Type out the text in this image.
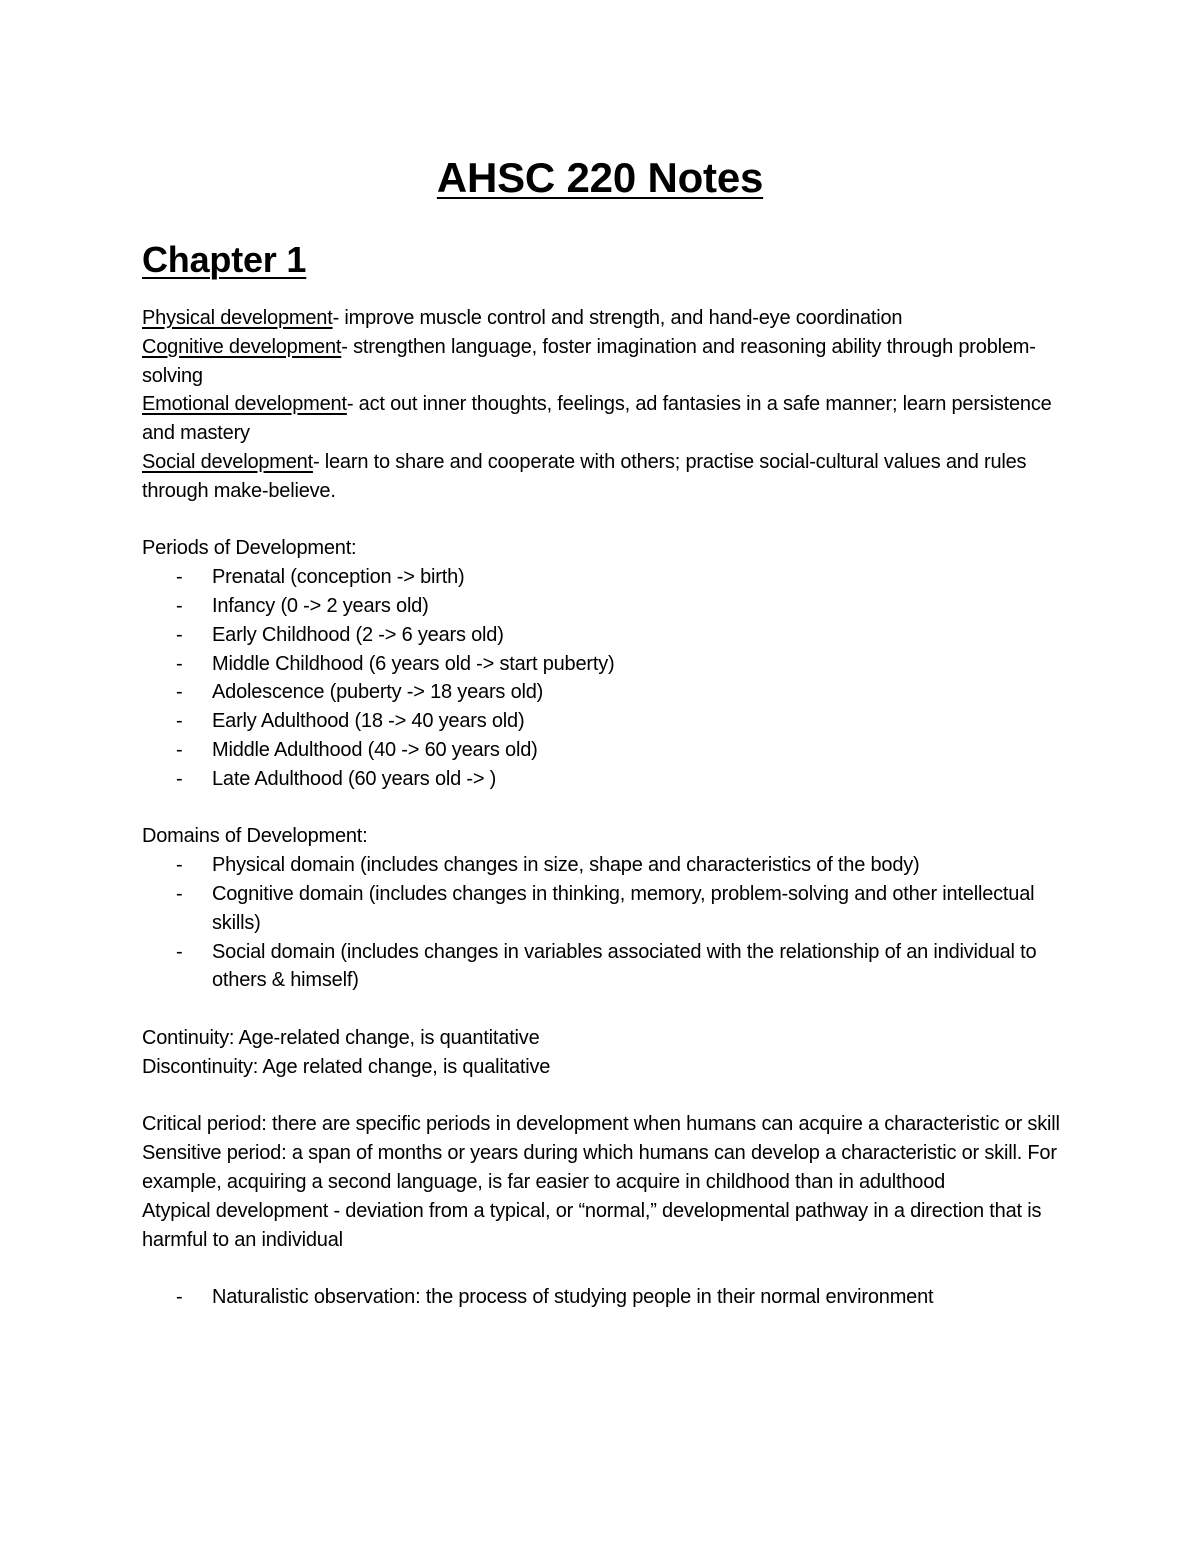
AHSC 220 Notes
Chapter 1

Physical development- improve muscle control and strength, and hand-eye coordination

Cognitive development- strengthen language, foster imagination and reasoning ability through problem-solving

Emotional development- act out inner thoughts, feelings, ad fantasies in a safe manner; learn persistence and mastery

Social development- learn to share and cooperate with others; practise social-cultural values and rules through make-believe.

Periods of Development:

- Prenatal (conception -> birth)
- Infancy (0 -> 2 years old)
- Early Childhood (2 -> 6 years old)
- Middle Childhood (6 years old -> start puberty)
- Adolescence (puberty -> 18 years old)
- Early Adulthood (18 -> 40 years old)
- Middle Adulthood (40 -> 60 years old)
- Late Adulthood (60 years old -> )

Domains of Development:

- Physical domain (includes changes in size, shape and characteristics of the body)
- Cognitive domain (includes changes in thinking, memory, problem-solving and other intellectual skills)
- Social domain (includes changes in variables associated with the relationship of an individual to others & himself)

Continuity: Age-related change, is quantitative

Discontinuity: Age related change, is qualitative

Critical period: there are specific periods in development when humans can acquire a characteristic or skill

Sensitive period: a span of months or years during which humans can develop a characteristic or skill. For example, acquiring a second language, is far easier to acquire in childhood than in adulthood

Atypical development - deviation from a typical, or “normal,” developmental pathway in a direction that is harmful to an individual

- Naturalistic observation: the process of studying people in their normal environment
